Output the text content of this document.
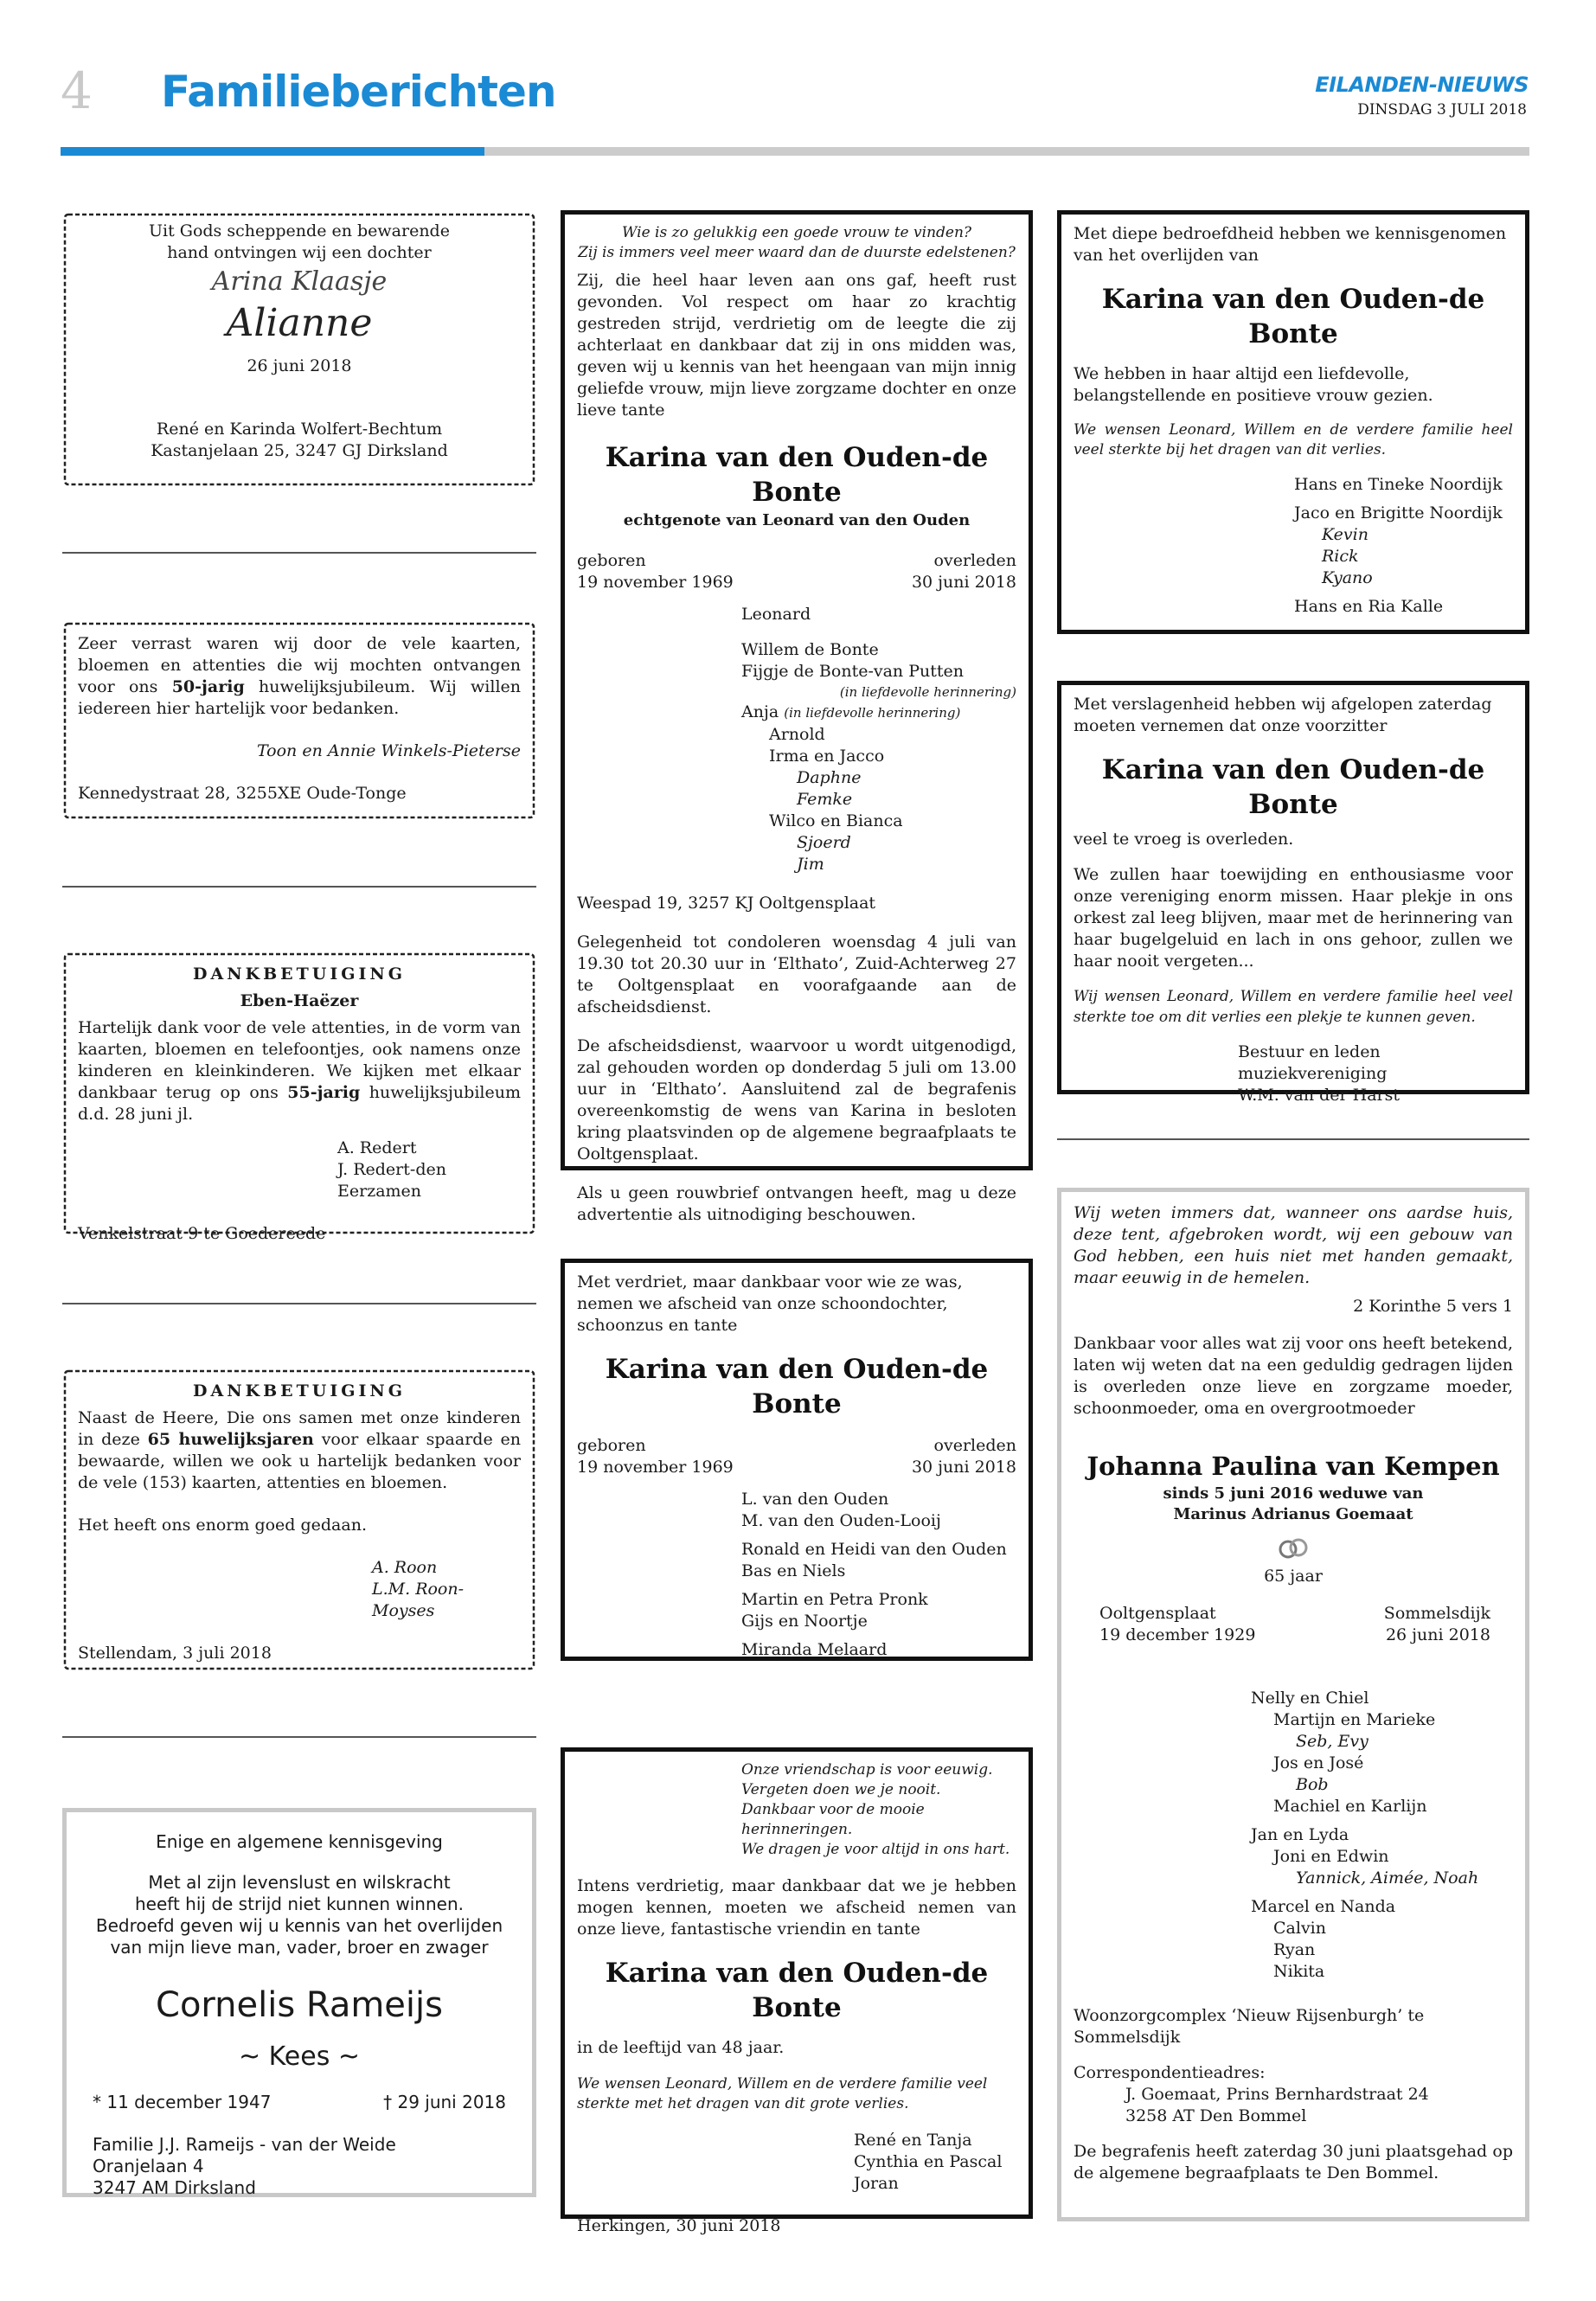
4 Familieberichten	EILANDEN-NIEUWS
DINSDAG 3 JULI 2018

Uit Gods scheppende en bewarende

hand ontvingen wij een dochter

Arina Klaasje

Alianne

26 juni 2018

René en Karinda Wolfert-Bechtum

Kastanjelaan 25, 3247 GJ Dirksland

Zeer verrast waren wij door de vele kaarten, bloemen en attenties die wij mochten ontvangen voor ons 50-jarig huwelijksjubileum. Wij willen iedereen hier hartelijk voor bedanken.

Toon en Annie Winkels-Pieterse

Kennedystraat 28, 3255XE Oude-Tonge

DANKBETUIGING

Eben-Haëzer

Hartelijk dank voor de vele attenties, in de vorm van kaarten, bloemen en telefoontjes, ook namens onze kinderen en kleinkinderen. We kijken met elkaar dankbaar terug op ons 55-jarig huwelijksjubileum d.d. 28 juni jl.

A. Redert

J. Redert-den Eerzamen

Venkelstraat 9 te Goedereede

DANKBETUIGING

Naast de Heere, Die ons samen met onze kinderen in deze 65 huwelijksjaren voor elkaar spaarde en bewaarde, willen we ook u hartelijk bedanken voor de vele (153) kaarten, attenties en bloemen.

Het heeft ons enorm goed gedaan.

A. Roon

L.M. Roon-Moyses

Stellendam, 3 juli 2018

Enige en algemene kennisgeving

Met al zijn levenslust en wilskracht

heeft hij de strijd niet kunnen winnen.

Bedroefd geven wij u kennis van het overlijden

van mijn lieve man, vader, broer en zwager

Cornelis Rameijs

~ Kees ~

* 11 december 1947	† 29 juni 2018

Familie J.J. Rameijs - van der Weide

Oranjelaan 4

3247 AM Dirksland

Wie is zo gelukkig een goede vrouw te vinden?

Zij is immers veel meer waard dan de duurste edelstenen?

Zij, die heel haar leven aan ons gaf, heeft rust gevonden. Vol respect om haar zo krachtig gestreden strijd, verdrietig om de leegte die zij achterlaat en dankbaar dat zij in ons midden was, geven wij u kennis van het heengaan van mijn innig geliefde vrouw, mijn lieve zorgzame dochter en onze lieve tante

Karina van den Ouden-de Bonte

echtgenote van Leonard van den Ouden

geboren

19 november 1969

overleden

30 juni 2018

Leonard

Willem de Bonte

Fijgje de Bonte-van Putten

(in liefdevolle herinnering)

Anja (in liefdevolle herinnering)

Arnold

Irma en Jacco

Daphne

Femke

Wilco en Bianca

Sjoerd

Jim

Weespad 19, 3257 KJ Ooltgensplaat

Gelegenheid tot condoleren woensdag 4 juli van 19.30 tot 20.30 uur in ‘Elthato’, Zuid-Achterweg 27 te Ooltgensplaat en voorafgaande aan de afscheidsdienst.

De afscheidsdienst, waarvoor u wordt uitgenodigd, zal gehouden worden op donderdag 5 juli om 13.00 uur in ‘Elthato’. Aansluitend zal de begrafenis overeenkomstig de wens van Karina in besloten kring plaatsvinden op de algemene begraafplaats te Ooltgensplaat.

Als u geen rouwbrief ontvangen heeft, mag u deze advertentie als uitnodiging beschouwen.

Met verdriet, maar dankbaar voor wie ze was, nemen we afscheid van onze schoondochter, schoonzus en tante

Karina van den Ouden-de Bonte

geboren

19 november 1969

overleden

30 juni 2018

L. van den Ouden

M. van den Ouden-Looij

Ronald en Heidi van den Ouden

Bas en Niels

Martin en Petra Pronk

Gijs en Noortje

Miranda Melaard

Onze vriendschap is voor eeuwig.

Vergeten doen we je nooit.

Dankbaar voor de mooie herinneringen.

We dragen je voor altijd in ons hart.

Intens verdrietig, maar dankbaar dat we je hebben mogen kennen, moeten we afscheid nemen van onze lieve, fantastische vriendin en tante

Karina van den Ouden-de Bonte

in de leeftijd van 48 jaar.

We wensen Leonard, Willem en de verdere familie veel sterkte met het dragen van dit grote verlies.

René en Tanja

Cynthia en Pascal

Joran

Herkingen, 30 juni 2018

Met diepe bedroefdheid hebben we kennisgenomen van het overlijden van

Karina van den Ouden-de Bonte

We hebben in haar altijd een liefdevolle, belangstellende en positieve vrouw gezien.

We wensen Leonard, Willem en de verdere familie heel veel sterkte bij het dragen van dit verlies.

Hans en Tineke Noordijk

Jaco en Brigitte Noordijk

Kevin

Rick

Kyano

Hans en Ria Kalle

Met verslagenheid hebben wij afgelopen zaterdag moeten vernemen dat onze voorzitter

Karina van den Ouden-de Bonte

veel te vroeg is overleden.

We zullen haar toewijding en enthousiasme voor onze vereniging enorm missen. Haar plekje in ons orkest zal leeg blijven, maar met de herinnering van haar bugelgeluid en lach in ons gehoor, zullen we haar nooit vergeten...

Wij wensen Leonard, Willem en verdere familie heel veel sterkte toe om dit verlies een plekje te kunnen geven.

Bestuur en leden muziekvereniging

W.M. van der Harst

Wij weten immers dat, wanneer ons aardse huis, deze tent, afgebroken wordt, wij een gebouw van God hebben, een huis niet met handen gemaakt, maar eeuwig in de hemelen.

2 Korinthe 5 vers 1

Dankbaar voor alles wat zij voor ons heeft betekend, laten wij weten dat na een geduldig gedragen lijden is overleden onze lieve en zorgzame moeder, schoonmoeder, oma en overgrootmoeder

Johanna Paulina van Kempen

sinds 5 juni 2016 weduwe van

Marinus Adrianus Goemaat

65 jaar

Ooltgensplaat

19 december 1929

Sommelsdijk

26 juni 2018

Nelly en Chiel

Martijn en Marieke

Seb, Evy

Jos en José

Bob

Machiel en Karlijn

Jan en Lyda

Joni en Edwin

Yannick, Aimée, Noah

Marcel en Nanda

Calvin

Ryan

Nikita

Woonzorgcomplex ‘Nieuw Rijsenburgh’ te Sommelsdijk

Correspondentieadres:

J. Goemaat, Prins Bernhardstraat 24

3258 AT Den Bommel

De begrafenis heeft zaterdag 30 juni plaatsgehad op de algemene begraafplaats te Den Bommel.
